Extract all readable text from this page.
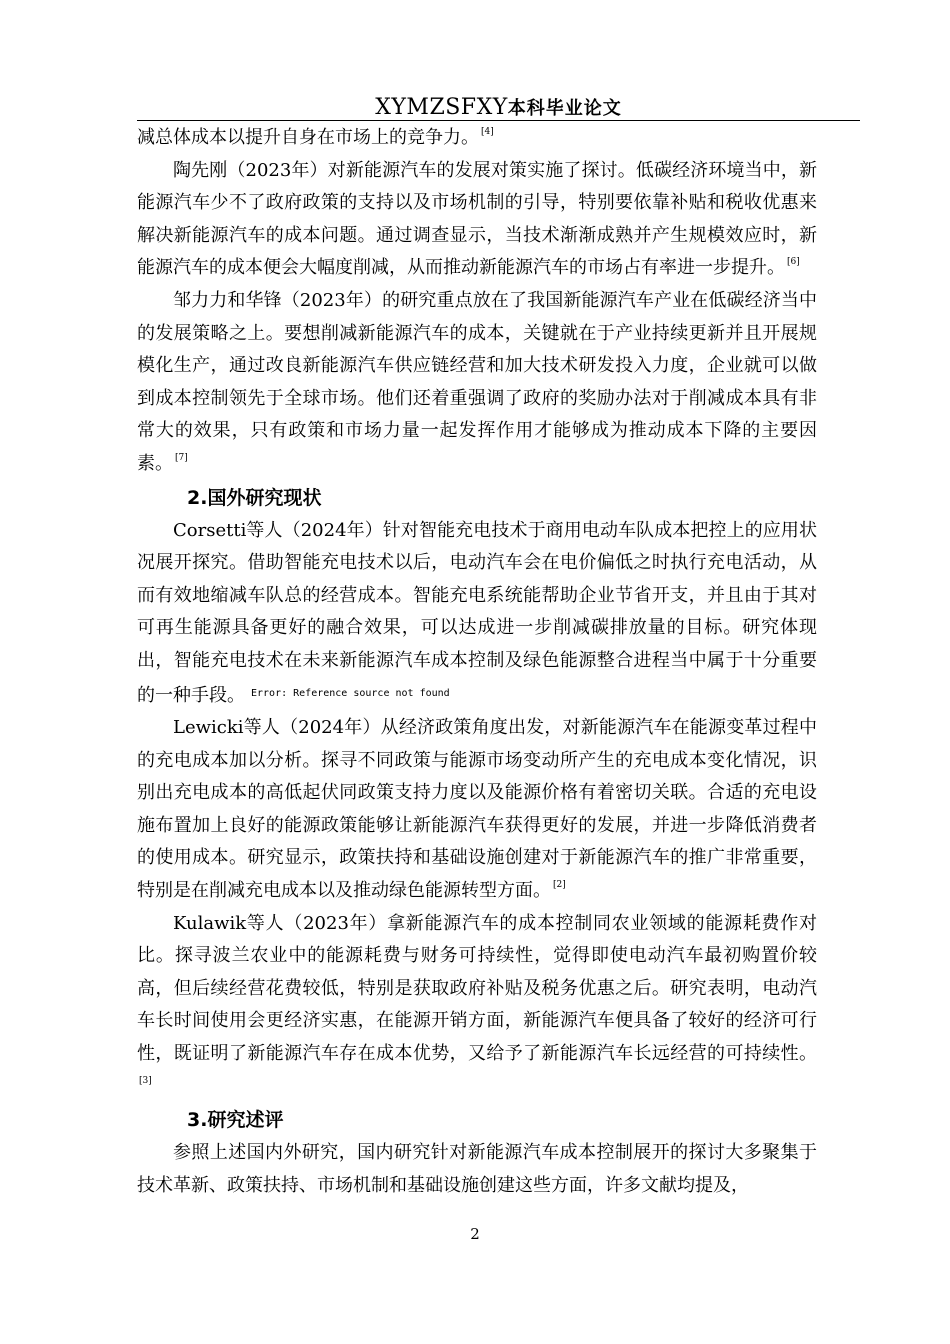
XYMZSFXY本科毕业论文

减总体成本以提升自身在市场上的竞争力。 [4]

陶先刚（2023年）对新能源汽车的发展对策实施了探讨。低碳经济环境当中，新能源汽车少不了政府政策的支持以及市场机制的引导，特别要依靠补贴和税收优惠来解决新能源汽车的成本问题。通过调查显示，当技术渐渐成熟并产生规模效应时，新能源汽车的成本便会大幅度削减，从而推动新能源汽车的市场占有率进一步提升。 [6]

邹力力和华锋（2023年）的研究重点放在了我国新能源汽车产业在低碳经济当中的发展策略之上。要想削减新能源汽车的成本，关键就在于产业持续更新并且开展规模化生产，通过改良新能源汽车供应链经营和加大技术研发投入力度，企业就可以做到成本控制领先于全球市场。他们还着重强调了政府的奖励办法对于削减成本具有非常大的效果，只有政策和市场力量一起发挥作用才能够成为推动成本下降的主要因素。 [7]

2.国外研究现状

Corsetti等人（2024年）针对智能充电技术于商用电动车队成本把控上的应用状况展开探究。借助智能充电技术以后，电动汽车会在电价偏低之时执行充电活动，从而有效地缩减车队总的经营成本。智能充电系统能帮助企业节省开支，并且由于其对可再生能源具备更好的融合效果，可以达成进一步削减碳排放量的目标。研究体现出，智能充电技术在未来新能源汽车成本控制及绿色能源整合进程当中属于十分重要的一种手段。 $^{Error: Reference source not found}$

Lewicki等人（2024年）从经济政策角度出发，对新能源汽车在能源变革过程中的充电成本加以分析。探寻不同政策与能源市场变动所产生的充电成本变化情况，识别出充电成本的高低起伏同政策支持力度以及能源价格有着密切关联。合适的充电设施布置加上良好的能源政策能够让新能源汽车获得更好的发展，并进一步降低消费者的使用成本。研究显示，政策扶持和基础设施创建对于新能源汽车的推广非常重要，特别是在削减充电成本以及推动绿色能源转型方面。 [2]

Kulawik等人（2023年）拿新能源汽车的成本控制同农业领域的能源耗费作对比。探寻波兰农业中的能源耗费与财务可持续性，觉得即使电动汽车最初购置价较高，但后续经营花费较低，特别是获取政府补贴及税务优惠之后。研究表明，电动汽车长时间使用会更经济实惠，在能源开销方面，新能源汽车便具备了较好的经济可行性，既证明了新能源汽车存在成本优势，又给予了新能源汽车长远经营的可持续性。[3]

3.研究述评

参照上述国内外研究，国内研究针对新能源汽车成本控制展开的探讨大多聚集于技术革新、政策扶持、市场机制和基础设施创建这些方面，许多文献均提及，

2
